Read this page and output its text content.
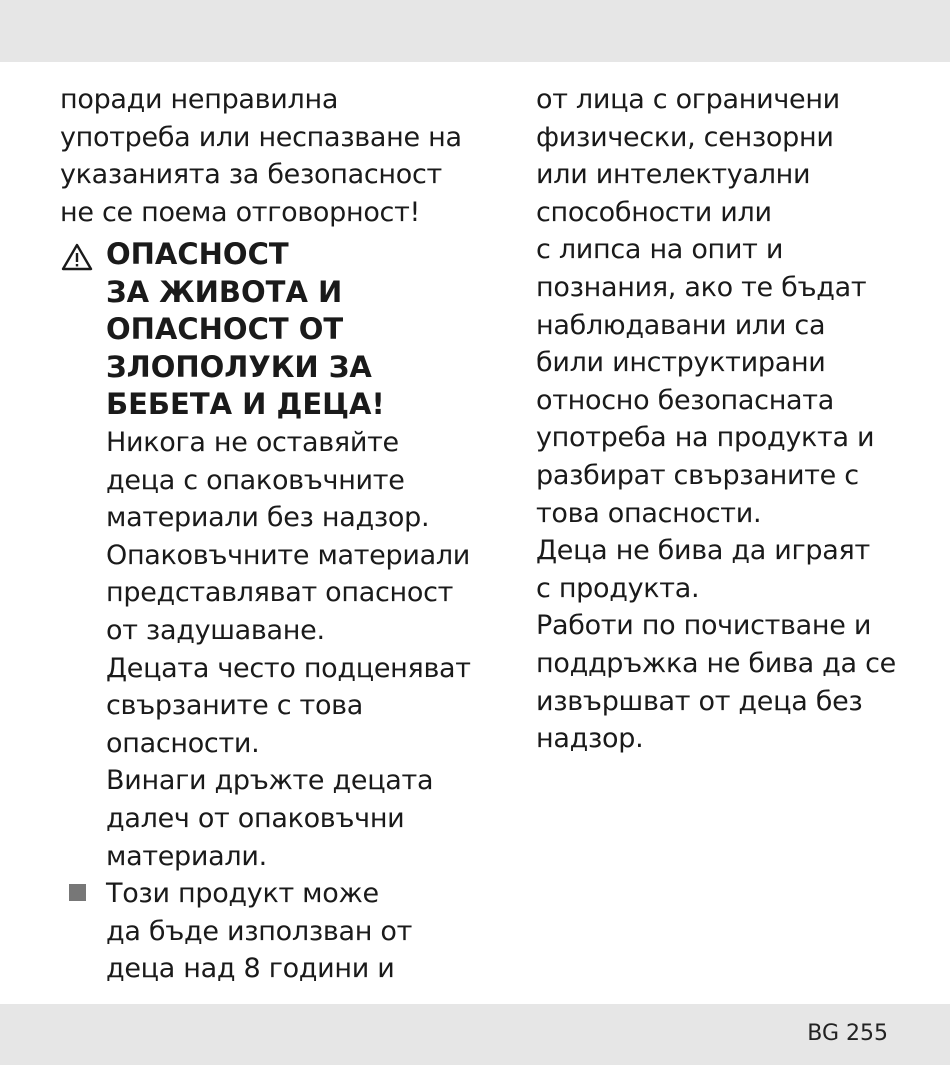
поради неправилна
употреба или неспазване на
указанията за безопасност
не се поема отговорност!
ОПАСНОСТ
ЗА ЖИВОТА И
ОПАСНОСТ ОТ
ЗЛОПОЛУКИ ЗА
БЕБЕТА И ДЕЦА!
Никога не оставяйте
деца с опаковъчните
материали без надзор.
Опаковъчните материали
представляват опасност
от задушаване.
Децата често подценяват
свързаните с това
опасности.
Винаги дръжте децата
далеч от опаковъчни
материали.
Този продукт може
да бъде използван от
деца над 8 години и
от лица с ограничени
физически, сензорни
или интелектуални
способности или
с липса на опит и
познания, ако те бъдат
наблюдавани или са
били инструктирани
относно безопасната
употреба на продукта и
разбират свързаните с
това опасности.
Деца не бива да играят
с продукта.
Работи по почистване и
поддръжка не бива да се
извършват от деца без
надзор.
BG 255
